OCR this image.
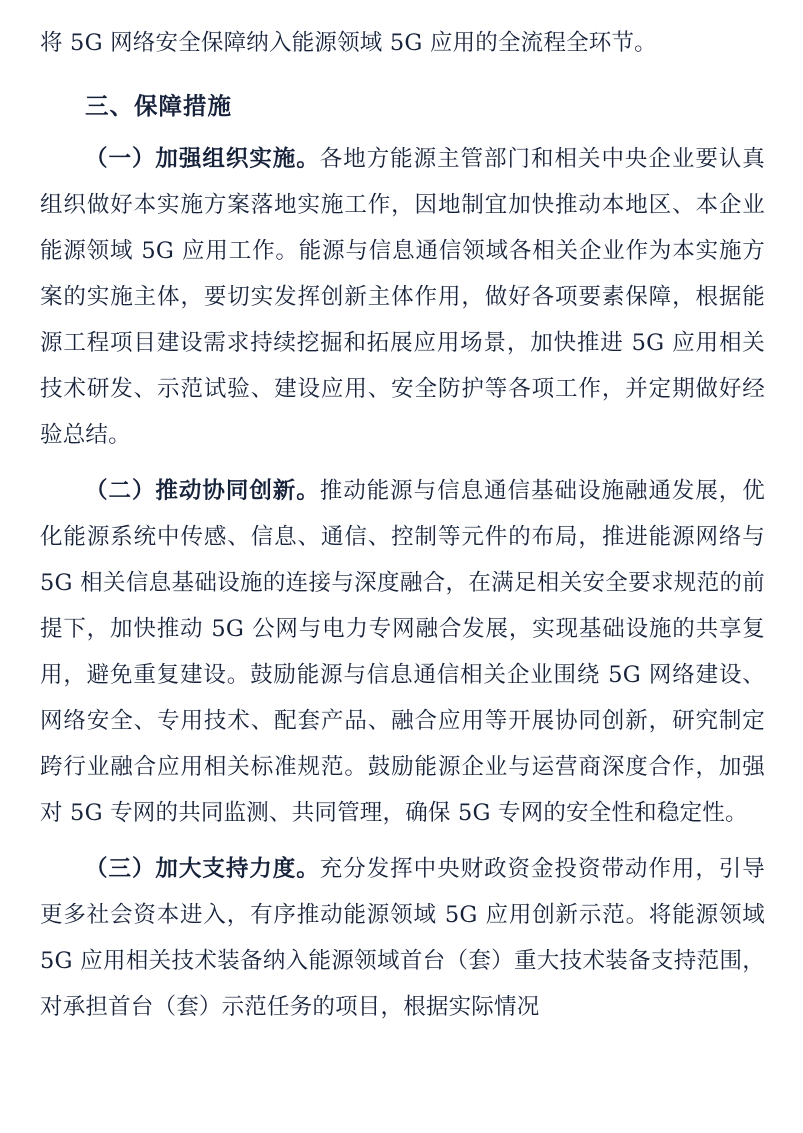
将 5G 网络安全保障纳入能源领域 5G 应用的全流程全环节。

三、保障措施

（一）加强组织实施。各地方能源主管部门和相关中央企业要认真组织做好本实施方案落地实施工作，因地制宜加快推动本地区、本企业能源领域 5G 应用工作。能源与信息通信领域各相关企业作为本实施方案的实施主体，要切实发挥创新主体作用，做好各项要素保障，根据能源工程项目建设需求持续挖掘和拓展应用场景，加快推进 5G 应用相关技术研发、示范试验、建设应用、安全防护等各项工作，并定期做好经验总结。

（二）推动协同创新。推动能源与信息通信基础设施融通发展，优化能源系统中传感、信息、通信、控制等元件的布局，推进能源网络与 5G 相关信息基础设施的连接与深度融合，在满足相关安全要求规范的前提下，加快推动 5G 公网与电力专网融合发展，实现基础设施的共享复用，避免重复建设。鼓励能源与信息通信相关企业围绕 5G 网络建设、网络安全、专用技术、配套产品、融合应用等开展协同创新，研究制定跨行业融合应用相关标准规范。鼓励能源企业与运营商深度合作，加强对 5G 专网的共同监测、共同管理，确保 5G 专网的安全性和稳定性。

（三）加大支持力度。充分发挥中央财政资金投资带动作用，引导更多社会资本进入，有序推动能源领域 5G 应用创新示范。将能源领域 5G 应用相关技术装备纳入能源领域首台（套）重大技术装备支持范围，对承担首台（套）示范任务的项目，根据实际情况
